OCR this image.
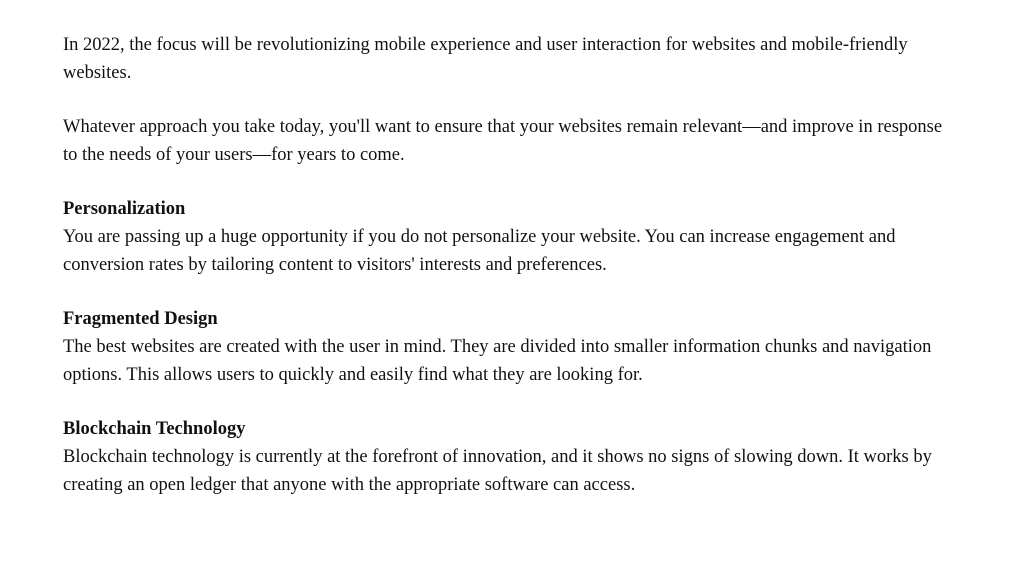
In 2022, the focus will be revolutionizing mobile experience and user interaction for websites and mobile-friendly websites.

Whatever approach you take today, you'll want to ensure that your websites remain relevant—and improve in response to the needs of your users—for years to come.

Personalization

You are passing up a huge opportunity if you do not personalize your website. You can increase engagement and conversion rates by tailoring content to visitors' interests and preferences.

Fragmented Design

The best websites are created with the user in mind. They are divided into smaller information chunks and navigation options. This allows users to quickly and easily find what they are looking for.

Blockchain Technology

Blockchain technology is currently at the forefront of innovation, and it shows no signs of slowing down. It works by creating an open ledger that anyone with the appropriate software can access.
